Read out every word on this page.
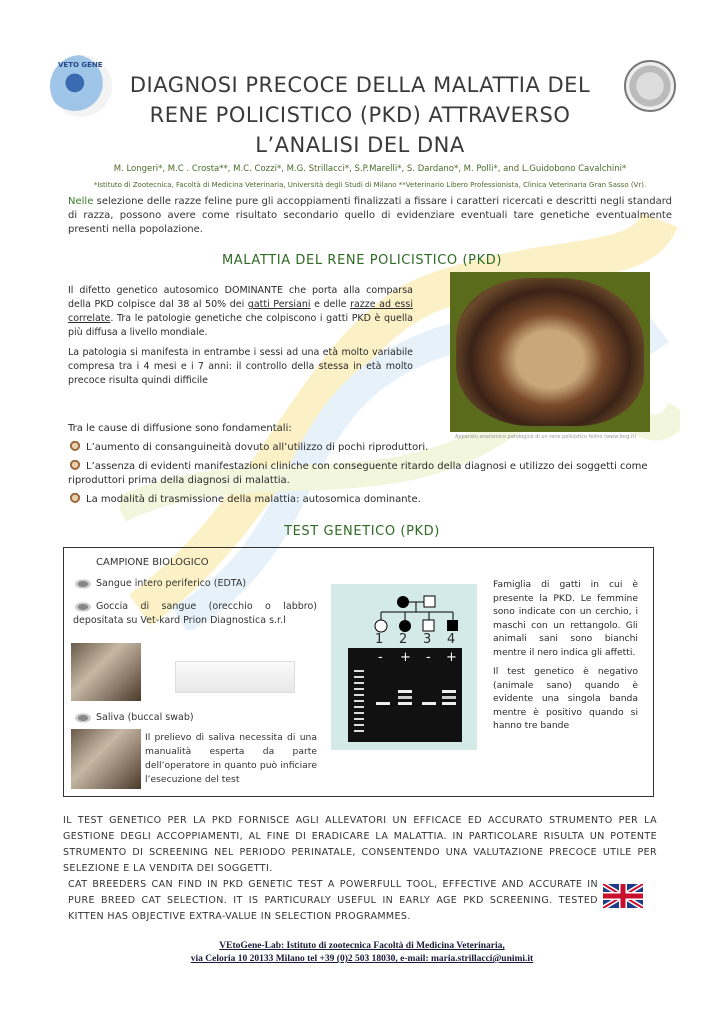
VETO GENE
DIAGNOSI PRECOCE DELLA MALATTIA DEL
RENE POLICISTICO (PKD) ATTRAVERSO
L’ANALISI DEL DNA
M. Longeri*, M.C . Crosta**, M.C. Cozzi*, M.G. Strillacci*, S.P.Marelli*, S. Dardano*, M. Polli*, and L.Guidobono Cavalchini*
*Istituto di Zootecnica, Facoltà di Medicina Veterinaria, Università degli Studi di Milano **Veterinario Libero Professionista, Clinica Veterinaria Gran Sasso (Vr).
Nelle selezione delle razze feline pure gli accoppiamenti finalizzati a fissare i caratteri ricercati e descritti negli standard di razza, possono avere come risultato secondario quello di evidenziare eventuali tare genetiche eventualmente presenti nella popolazione.
MALATTIA DEL RENE POLICISTICO (PKD)

Il difetto genetico autosomico DOMINANTE che porta alla comparsa della PKD colpisce dal 38 al 50% dei gatti Persiani e delle razze ad essi correlate. Tra le patologie genetiche che colpiscono i gatti PKD è quella più diffusa a livello mondiale.

La patologia si manifesta in entrambe i sessi ad una età molto variabile compresa tra i 4 mesi e i 7 anni: il controllo della stessa in età molto precoce risulta quindi difficile

Apparato anatomico patologico di un rene policistico felino (www.ferg.it)
Tra le cause di diffusione sono fondamentali:
L’aumento di consanguineità dovuto all’utilizzo di pochi riproduttori.
L’assenza di evidenti manifestazioni cliniche con conseguente ritardo della diagnosi e utilizzo dei soggetti come riproduttori prima della diagnosi di malattia.
La modalità di trasmissione della malattia: autosomica dominante.
TEST GENETICO (PKD)
CAMPIONE BIOLOGICO
Sangue intero periferico (EDTA)
Goccia di sangue (orecchio o labbro) depositata su Vet-kard Prion Diagnostica s.r.l
Saliva (buccal swab)
Il prelievo di saliva necessita di una manualità esperta da parte dell’operatore in quanto può inficiare l’esecuzione del test
1 2 3 4
- + - +

Famiglia di gatti in cui è presente la PKD. Le femmine sono indicate con un cerchio, i maschi con un rettangolo. Gli animali sani sono bianchi mentre il nero indica gli affetti.

Il test genetico è negativo (animale sano) quando è evidente una singola banda mentre è positivo quando si hanno tre bande

IL TEST GENETICO PER LA PKD FORNISCE AGLI ALLEVATORI UN EFFICACE ED ACCURATO STRUMENTO PER LA GESTIONE DEGLI ACCOPPIAMENTI, AL FINE DI ERADICARE LA MALATTIA. IN PARTICOLARE RISULTA UN POTENTE STRUMENTO DI SCREENING NEL PERIODO PERINATALE, CONSENTENDO UNA VALUTAZIONE PRECOCE UTILE PER SELEZIONE E LA VENDITA DEI SOGGETTI.
CAT BREEDERS CAN FIND IN PKD GENETIC TEST A POWERFULL TOOL, EFFECTIVE AND ACCURATE IN PURE BREED CAT SELECTION. IT IS PARTICURALY USEFUL IN EARLY AGE PKD SCREENING. TESTED KITTEN HAS OBJECTIVE EXTRA-VALUE IN SELECTION PROGRAMMES.
VEtoGene-Lab: Istituto di zootecnica Facoltà di Medicina Veterinaria,
via Celoria 10 20133 Milano tel +39 (0)2 503 18030, e-mail: maria.strillacci@unimi.it
